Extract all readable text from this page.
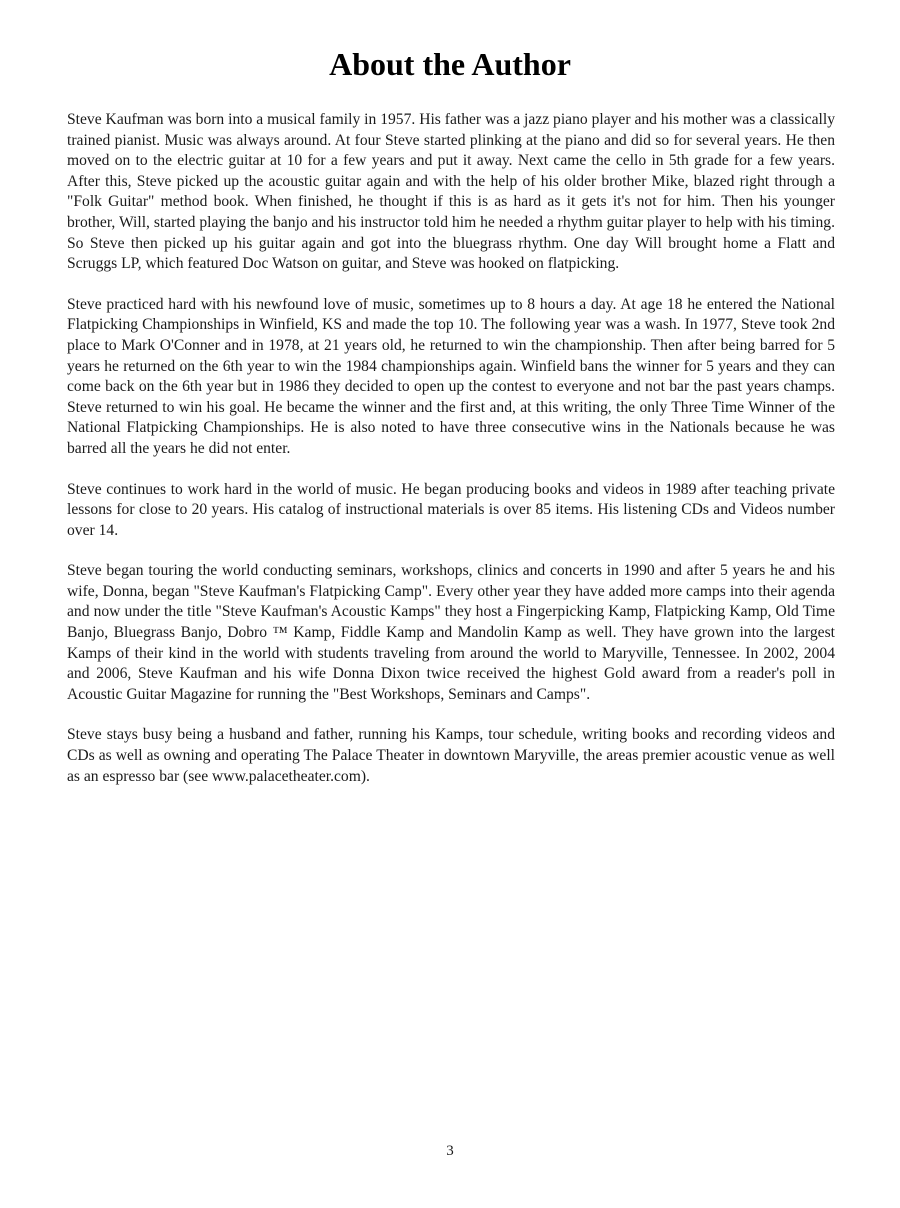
About the Author

Steve Kaufman was born into a musical family in 1957. His father was a jazz piano player and his mother was a classically trained pianist. Music was always around. At four Steve started plinking at the piano and did so for several years. He then moved on to the electric guitar at 10 for a few years and put it away. Next came the cello in 5th grade for a few years. After this, Steve picked up the acoustic guitar again and with the help of his older brother Mike, blazed right through a "Folk Guitar" method book. When finished, he thought if this is as hard as it gets it's not for him. Then his younger brother, Will, started playing the banjo and his instructor told him he needed a rhythm guitar player to help with his timing. So Steve then picked up his guitar again and got into the bluegrass rhythm. One day Will brought home a Flatt and Scruggs LP, which featured Doc Watson on guitar, and Steve was hooked on flatpicking.

Steve practiced hard with his newfound love of music, sometimes up to 8 hours a day. At age 18 he entered the National Flatpicking Championships in Winfield, KS and made the top 10. The following year was a wash. In 1977, Steve took 2nd place to Mark O'Conner and in 1978, at 21 years old, he returned to win the championship. Then after being barred for 5 years he returned on the 6th year to win the 1984 championships again. Winfield bans the winner for 5 years and they can come back on the 6th year but in 1986 they decided to open up the contest to everyone and not bar the past years champs. Steve returned to win his goal. He became the winner and the first and, at this writing, the only Three Time Winner of the National Flatpicking Championships. He is also noted to have three consecutive wins in the Nationals because he was barred all the years he did not enter.

Steve continues to work hard in the world of music. He began producing books and videos in 1989 after teaching private lessons for close to 20 years. His catalog of instructional materials is over 85 items. His listening CDs and Videos number over 14.

Steve began touring the world conducting seminars, workshops, clinics and concerts in 1990 and after 5 years he and his wife, Donna, began "Steve Kaufman's Flatpicking Camp". Every other year they have added more camps into their agenda and now under the title "Steve Kaufman's Acoustic Kamps" they host a Fingerpicking Kamp, Flatpicking Kamp, Old Time Banjo, Bluegrass Banjo, Dobro ™ Kamp, Fiddle Kamp and Mandolin Kamp as well. They have grown into the largest Kamps of their kind in the world with students traveling from around the world to Maryville, Tennessee. In 2002, 2004 and 2006, Steve Kaufman and his wife Donna Dixon twice received the highest Gold award from a reader's poll in Acoustic Guitar Magazine for running the "Best Workshops, Seminars and Camps".

Steve stays busy being a husband and father, running his Kamps, tour schedule, writing books and recording videos and CDs as well as owning and operating The Palace Theater in downtown Maryville, the areas premier acoustic venue as well as an espresso bar (see www.palacetheater.com).

3
